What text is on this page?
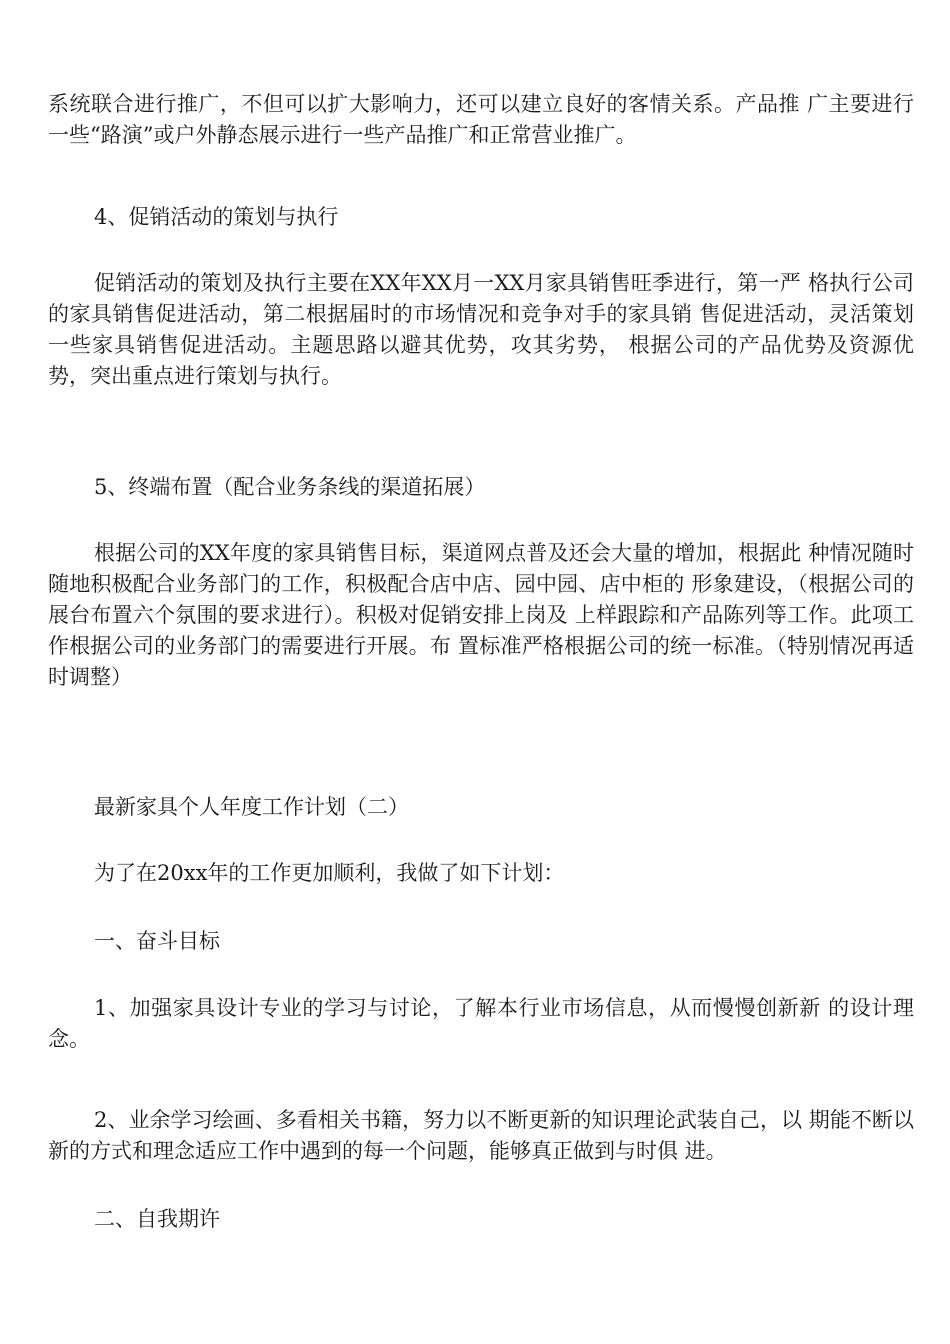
系统联合进行推广，不但可以扩大影响力，还可以建立良好的客情关系。产品推 广主要进行一些“路演”或户外静态展示进行一些产品推广和正常营业推广。

4、促销活动的策划与执行

促销活动的策划及执行主要在XX年XX月一XX月家具销售旺季进行，第一严 格执行公司的家具销售促进活动，第二根据届时的市场情况和竞争对手的家具销 售促进活动，灵活策划一些家具销售促进活动。主题思路以避其优势，攻其劣势， 根据公司的产品优势及资源优势，突出重点进行策划与执行。

5、终端布置（配合业务条线的渠道拓展）

根据公司的XX年度的家具销售目标，渠道网点普及还会大量的增加，根据此 种情况随时随地积极配合业务部门的工作，积极配合店中店、园中园、店中柜的 形象建设，（根据公司的展台布置六个氛围的要求进行）。积极对促销安排上岗及 上样跟踪和产品陈列等工作。此项工作根据公司的业务部门的需要进行开展。布 置标准严格根据公司的统一标准。（特别情况再适时调整）

最新家具个人年度工作计划（二）

为了在20xx年的工作更加顺利，我做了如下计划：

一、奋斗目标

1、加强家具设计专业的学习与讨论，了解本行业市场信息，从而慢慢创新新 的设计理念。

2、业余学习绘画、多看相关书籍，努力以不断更新的知识理论武装自己，以 期能不断以新的方式和理念适应工作中遇到的每一个问题，能够真正做到与时俱 进。

二、自我期许
